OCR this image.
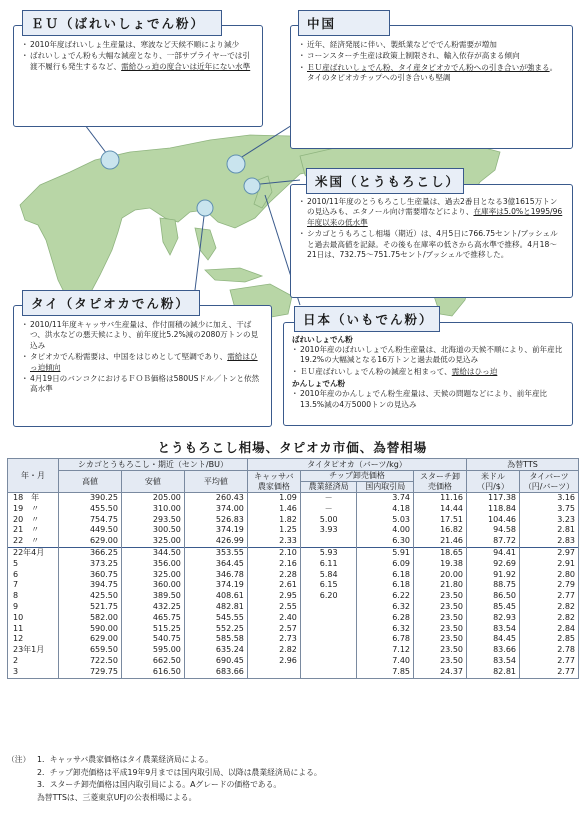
・ 2010年度ばれいしょ生産量は、寒波など天候不順により減少
・ ばれいしょでん粉も大幅な減産となり、一部サプライヤーでは引渡不履行も発生するなど、需給ひっ迫の度合いは近年にない水準
ＥＵ（ばれいしょでん粉）
・ 近年、経済発展に伴い、製紙業などででん粉需要が増加
・ コーンスターチ生産は政策上制限され、輸入依存が高まる傾向
・ ＥＵ産ばれいしょでん粉、タイ産タピオカでん粉への引き合いが強まる。タイのタピオカチップへの引き合いも堅調
中国
・ 2010/11年度のとうもろこし生産量は、過去2番目となる3億1615万トンの見込みも、エタノール向け需要増などにより、在庫率は5.0%と1995/96年度以来の低水準
・ シカゴとうもろこし相場（期近）は、4月5日に766.75セント/ブッシェルと過去最高値を記録。その後も在庫率の低さから高水準で推移。4月18～21日は、732.75～751.75セント/ブッシェルで推移した。
米国（とうもろこし）
・ 2010/11年度キャッサバ生産量は、作付面積の減少に加え、干ばつ、洪水などの悪天候により、前年度比5.2%減の2080万トンの見込み
・ タピオカでん粉需要は、中国をはじめとして堅調であり、需給はひっ迫傾向
・ 4月19日のバンコクにおけるＦＯＢ価格は580USドル／トンと依然高水準
タイ（タピオカでん粉）
ばれいしょでん粉
・ 2010年産のばれいしょでん粉生産量は、北海道の天候不順により、前年産比19.2%の大幅減となる16万トンと過去最低の見込み
・ ＥＵ産ばれいしょでん粉の減産と相まって、需給はひっ迫
かんしょでん粉
・ 2010年産のかんしょでん粉生産量は、天候の問題などにより、前年産比13.5%減の4万5000トンの見込み
日本（いもでん粉）
とうもろこし相場、タピオカ市価、為替相場
年・月	シカゴとうもろこし・期近（セント/BU）			タイタピオカ（バーツ/kg）				為替TTS	
	高値	安値	平均値	キャッサバ農家価格	チップ卸売価格		スターチ卸売価格	米ドル（円/$）	タイバーツ（円/バーツ）
					農業経済局	国内取引局			
18　年	390.25	205.00	260.43	1.09	－	3.74	11.16	117.38	3.16
19　〃	455.50	310.00	374.00	1.46	－	4.18	14.44	118.84	3.75
20　〃	754.75	293.50	526.83	1.82	5.00	5.03	17.51	104.46	3.23
21　〃	449.50	300.50	374.19	1.25	3.93	4.00	16.82	94.58	2.81
22　〃	629.00	325.00	426.99	2.33		6.30	21.46	87.72	2.83
22年4月	366.25	344.50	353.55	2.10	5.93	5.91	18.65	94.41	2.97
5	373.25	356.00	364.45	2.16	6.11	6.09	19.38	92.69	2.91
6	360.75	325.00	346.78	2.28	5.84	6.18	20.00	91.92	2.80
7	394.75	360.00	374.19	2.61	6.15	6.18	21.80	88.75	2.79
8	425.50	389.50	408.61	2.95	6.20	6.22	23.50	86.50	2.77
9	521.75	432.25	482.81	2.55		6.32	23.50	85.45	2.82
10	582.00	465.75	545.55	2.40		6.28	23.50	82.93	2.82
11	590.00	515.25	552.25	2.57		6.32	23.50	83.54	2.84
12	629.00	540.75	585.58	2.73		6.78	23.50	84.45	2.85
23年1月	659.50	595.00	635.24	2.82		7.12	23.50	83.66	2.78
2	722.50	662.50	690.45	2.96		7.40	23.50	83.54	2.77
3	729.75	616.50	683.66			7.85	24.37	82.81	2.77
（注） 1．キャッサバ農家価格はタイ農業経済局による。
2．チップ卸売価格は平成19年9月までは国内取引局、以降は農業経済局による。
3．スターチ卸売価格は国内取引局による。Aグレードの価格である。
為替TTSは、三菱東京UFJの公表相場による。
